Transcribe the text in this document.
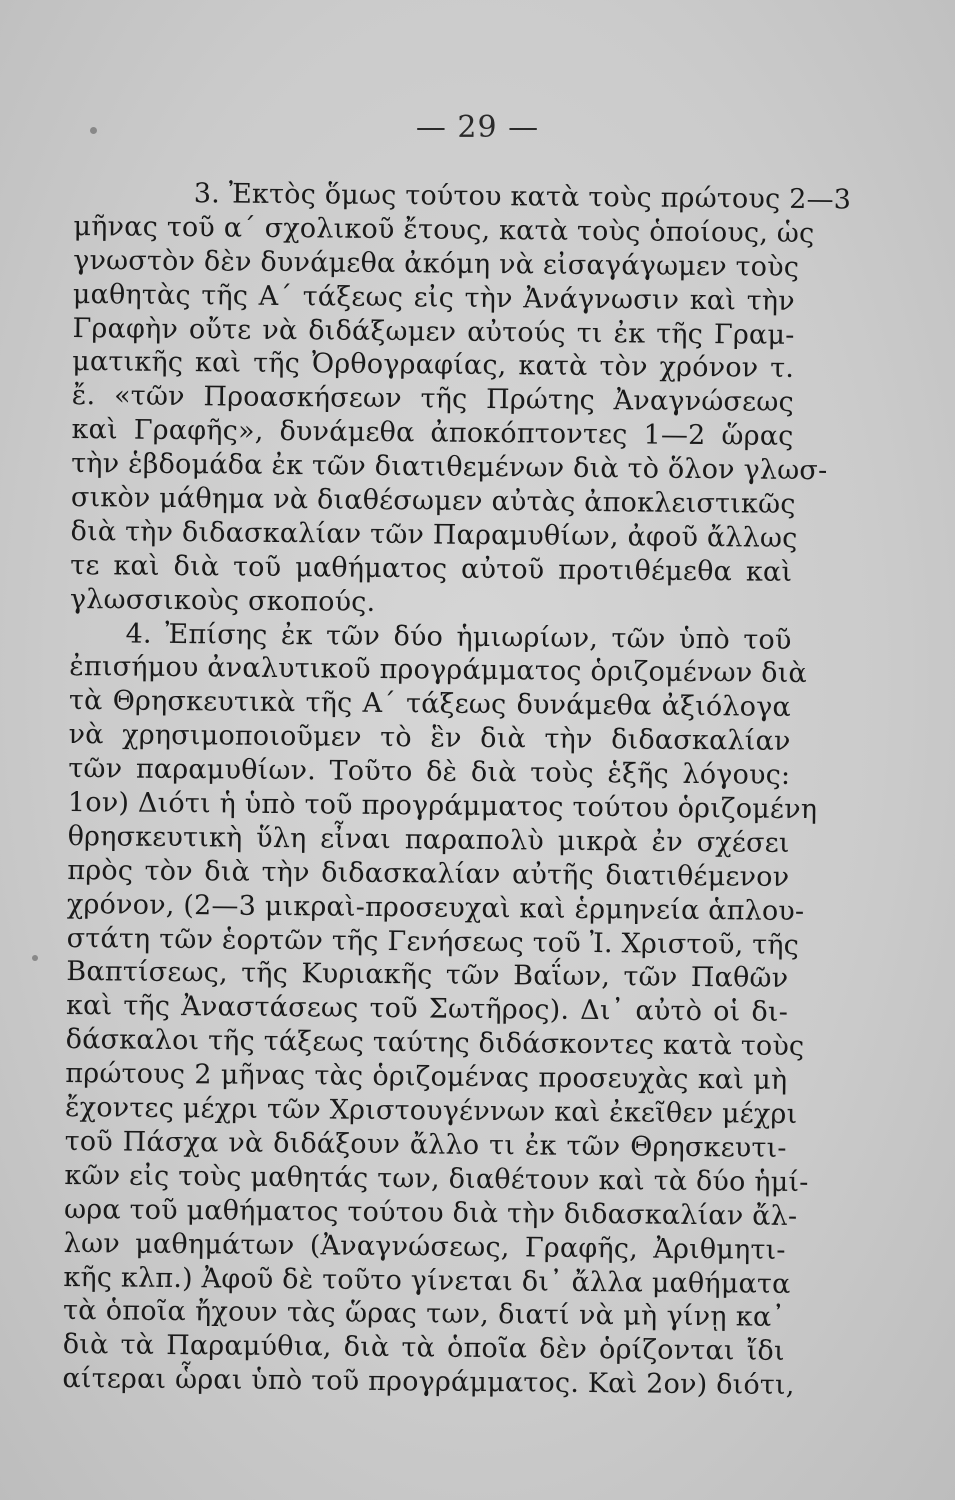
— 29 —
3. Ἐκτὸς ὅμως τούτου κατὰ τοὺς πρώτους 2—3
μῆνας τοῦ α΄ σχολικοῦ ἔτους, κατὰ τοὺς ὁποίους, ὡς
γνωστὸν δὲν δυνάμεθα ἀκόμη νὰ εἰσαγάγωμεν τοὺς
μαθητὰς τῆς Α΄ τάξεως εἰς τὴν Ἀνάγνωσιν καὶ τὴν
Γραφὴν οὔτε νὰ διδάξωμεν αὐτούς τι ἐκ τῆς Γραμ-
ματικῆς καὶ τῆς Ὀρθογραφίας, κατὰ τὸν χρόνον τ.
ἔ. «τῶν Προασκήσεων τῆς Πρώτης Ἀναγνώσεως
καὶ Γραφῆς», δυνάμεθα ἀποκόπτοντες 1—2 ὥρας
τὴν ἑβδομάδα ἐκ τῶν διατιθεμένων διὰ τὸ ὅλον γλωσ-
σικὸν μάθημα νὰ διαθέσωμεν αὐτὰς ἀποκλειστικῶς
διὰ τὴν διδασκαλίαν τῶν Παραμυθίων, ἀφοῦ ἄλλως
τε καὶ διὰ τοῦ μαθήματος αὐτοῦ προτιθέμεθα καὶ
γλωσσικοὺς σκοπούς.
4. Ἐπίσης ἐκ τῶν δύο ἡμιωρίων, τῶν ὑπὸ τοῦ
ἐπισήμου ἀναλυτικοῦ προγράμματος ὁριζομένων διὰ
τὰ Θρησκευτικὰ τῆς Α΄ τάξεως δυνάμεθα ἀξιόλογα
νὰ χρησιμοποιοῦμεν τὸ ἓν διὰ τὴν διδασκαλίαν
τῶν παραμυθίων. Τοῦτο δὲ διὰ τοὺς ἑξῆς λόγους:
1ον) Διότι ἡ ὑπὸ τοῦ προγράμματος τούτου ὁριζομένη
θρησκευτικὴ ὕλη εἶναι παραπολὺ μικρὰ ἐν σχέσει
πρὸς τὸν διὰ τὴν διδασκαλίαν αὐτῆς διατιθέμενον
χρόνον, (2—3 μικραὶ-προσευχαὶ καὶ ἑρμηνεία ἁπλου-
στάτη τῶν ἑορτῶν τῆς Γενήσεως τοῦ Ἰ. Χριστοῦ, τῆς
Βαπτίσεως, τῆς Κυριακῆς τῶν Βαΐων, τῶν Παθῶν
καὶ τῆς Ἀναστάσεως τοῦ Σωτῆρος). Δι᾽ αὐτὸ οἱ δι-
δάσκαλοι τῆς τάξεως ταύτης διδάσκοντες κατὰ τοὺς
πρώτους 2 μῆνας τὰς ὁριζομένας προσευχὰς καὶ μὴ
ἔχοντες μέχρι τῶν Χριστουγέννων καὶ ἐκεῖθεν μέχρι
τοῦ Πάσχα νὰ διδάξουν ἄλλο τι ἐκ τῶν Θρησκευτι-
κῶν εἰς τοὺς μαθητάς των, διαθέτουν καὶ τὰ δύο ἡμί-
ωρα τοῦ μαθήματος τούτου διὰ τὴν διδασκαλίαν ἄλ-
λων μαθημάτων (Ἀναγνώσεως, Γραφῆς, Ἀριθμητι-
κῆς κλπ.) Ἀφοῦ δὲ τοῦτο γίνεται δι᾽ ἄλλα μαθήματα
τὰ ὁποῖα ἤχουν τὰς ὥρας των, διατί νὰ μὴ γίνῃ κα᾽
διὰ τὰ Παραμύθια, διὰ τὰ ὁποῖα δὲν ὁρίζονται ἴδι
αίτεραι ὧραι ὑπὸ τοῦ προγράμματος. Καὶ 2ον) διότι,
